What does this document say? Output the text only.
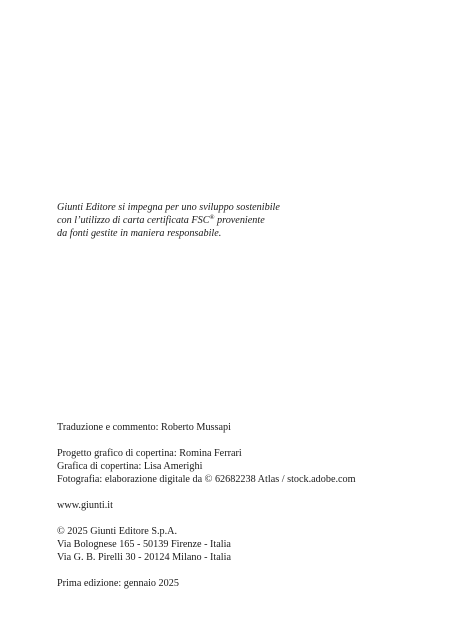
Giunti Editore si impegna per uno sviluppo sostenibile
con l’utilizzo di carta certificata FSC® proveniente
da fonti gestite in maniera responsabile.

Traduzione e commento: Roberto Mussapi

Progetto grafico di copertina: Romina Ferrari
Grafica di copertina: Lisa Amerighi
Fotografia: elaborazione digitale da © 62682238 Atlas / stock.adobe.com

www.giunti.it

© 2025 Giunti Editore S.p.A.
Via Bolognese 165 - 50139 Firenze - Italia
Via G. B. Pirelli 30 - 20124 Milano - Italia

Prima edizione: gennaio 2025
